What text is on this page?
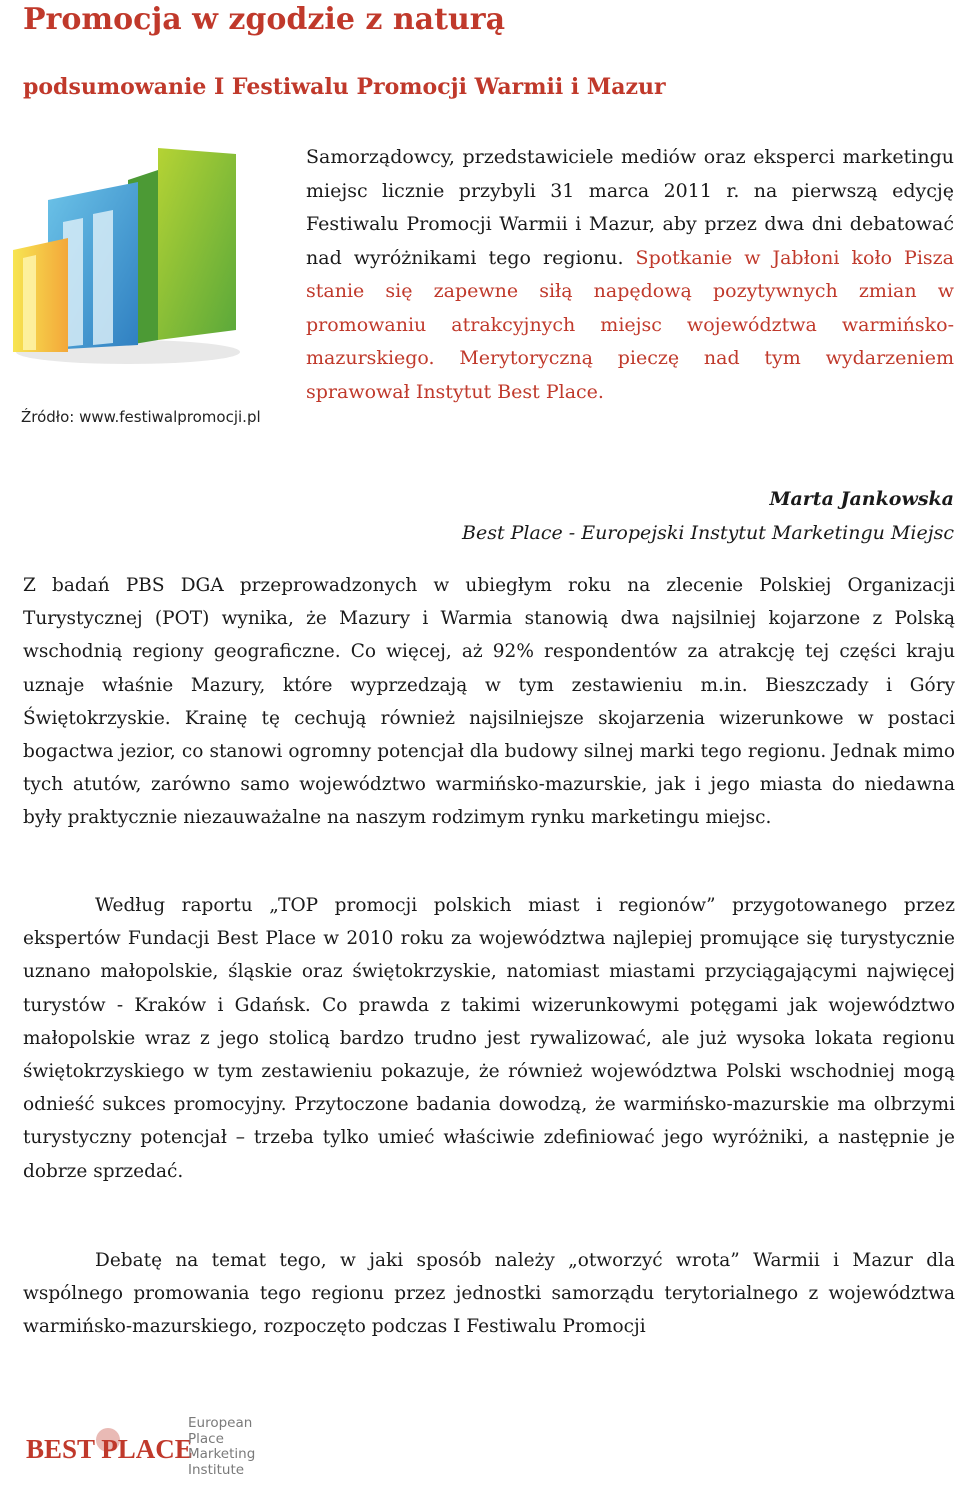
Promocja w zgodzie z naturą
podsumowanie I Festiwalu Promocji Warmii i Mazur
Źródło: www.festiwalpromocji.pl

Samorządowcy, przedstawiciele mediów oraz eksperci marketingu miejsc licznie przybyli 31 marca 2011 r. na pierwszą edycję Festiwalu Promocji Warmii i Mazur, aby przez dwa dni debatować nad wyróżnikami tego regionu. Spotkanie w Jabłoni koło Pisza stanie się zapewne siłą napędową pozytywnych zmian w promowaniu atrakcyjnych miejsc województwa warmińsko-mazurskiego. Merytoryczną pieczę nad tym wydarzeniem sprawował Instytut Best Place.

Marta Jankowska
Best Place - Europejski Instytut Marketingu Miejsc

Z badań PBS DGA przeprowadzonych w ubiegłym roku na zlecenie Polskiej Organizacji Turystycznej (POT) wynika, że Mazury i Warmia stanowią dwa najsilniej kojarzone z Polską wschodnią regiony geograficzne. Co więcej, aż 92% respondentów za atrakcję tej części kraju uznaje właśnie Mazury, które wyprzedzają w tym zestawieniu m.in. Bieszczady i Góry Świętokrzyskie. Krainę tę cechują również najsilniejsze skojarzenia wizerunkowe w postaci bogactwa jezior, co stanowi ogromny potencjał dla budowy silnej marki tego regionu. Jednak mimo tych atutów, zarówno samo województwo warmińsko-mazurskie, jak i jego miasta do niedawna były praktycznie niezauważalne na naszym rodzimym rynku marketingu miejsc.

Według raportu „TOP promocji polskich miast i regionów” przygotowanego przez ekspertów Fundacji Best Place w 2010 roku za województwa najlepiej promujące się turystycznie uznano małopolskie, śląskie oraz świętokrzyskie, natomiast miastami przyciągającymi najwięcej turystów - Kraków i Gdańsk. Co prawda z takimi wizerunkowymi potęgami jak województwo małopolskie wraz z jego stolicą bardzo trudno jest rywalizować, ale już wysoka lokata regionu świętokrzyskiego w tym zestawieniu pokazuje, że również województwa Polski wschodniej mogą odnieść sukces promocyjny. Przytoczone badania dowodzą, że warmińsko-mazurskie ma olbrzymi turystyczny potencjał – trzeba tylko umieć właściwie zdefiniować jego wyróżniki, a następnie je dobrze sprzedać.

Debatę na temat tego, w jaki sposób należy „otworzyć wrota” Warmii i Mazur dla wspólnego promowania tego regionu przez jednostki samorządu terytorialnego z województwa warmińsko-mazurskiego, rozpoczęto podczas I Festiwalu Promocji

BEST PLACE
European
Place
Marketing
Institute
